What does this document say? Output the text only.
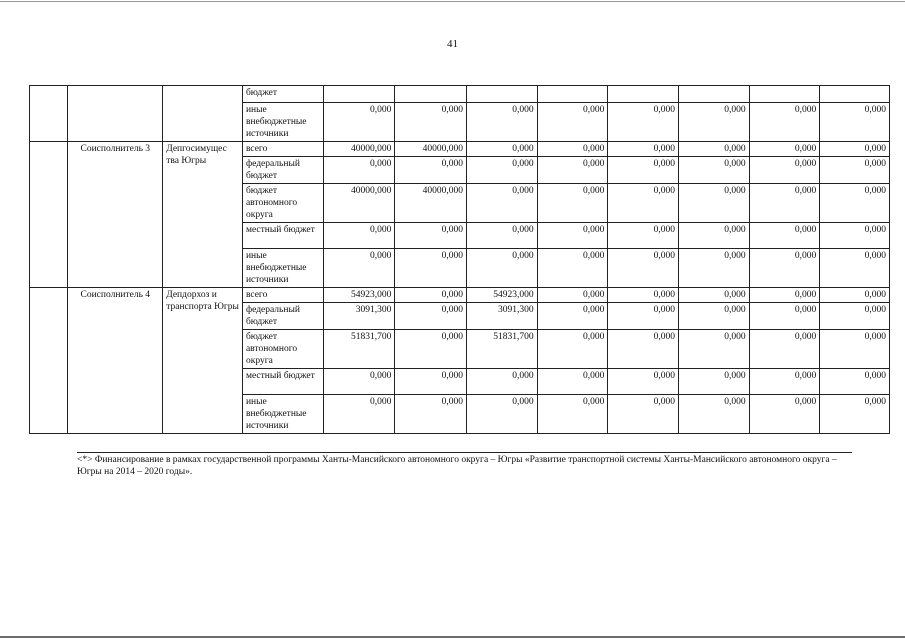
41
			бюджет								
			иные внебюджетные источники	0,000	0,000	0,000	0,000	0,000	0,000	0,000	0,000
	Соисполнитель 3	Депгосимущес тва Югры	всего	40000,000	40000,000	0,000	0,000	0,000	0,000	0,000	0,000
			федеральный бюджет	0,000	0,000	0,000	0,000	0,000	0,000	0,000	0,000
			бюджет автономного округа	40000,000	40000,000	0,000	0,000	0,000	0,000	0,000	0,000
			местный бюджет	0,000	0,000	0,000	0,000	0,000	0,000	0,000	0,000
			иные внебюджетные источники	0,000	0,000	0,000	0,000	0,000	0,000	0,000	0,000
	Соисполнитель 4	Депдорхоз и транспорта Югры	всего	54923,000	0,000	54923,000	0,000	0,000	0,000	0,000	0,000
			федеральный бюджет	3091,300	0,000	3091,300	0,000	0,000	0,000	0,000	0,000
			бюджет автономного округа	51831,700	0,000	51831,700	0,000	0,000	0,000	0,000	0,000
			местный бюджет	0,000	0,000	0,000	0,000	0,000	0,000	0,000	0,000
			иные внебюджетные источники	0,000	0,000	0,000	0,000	0,000	0,000	0,000	0,000
<*> Финансирование в рамках государственной программы Ханты-Мансийского автономного округа – Югры «Развитие транспортной системы Ханты-Мансийского автономного округа – Югры на 2014 – 2020 годы».
